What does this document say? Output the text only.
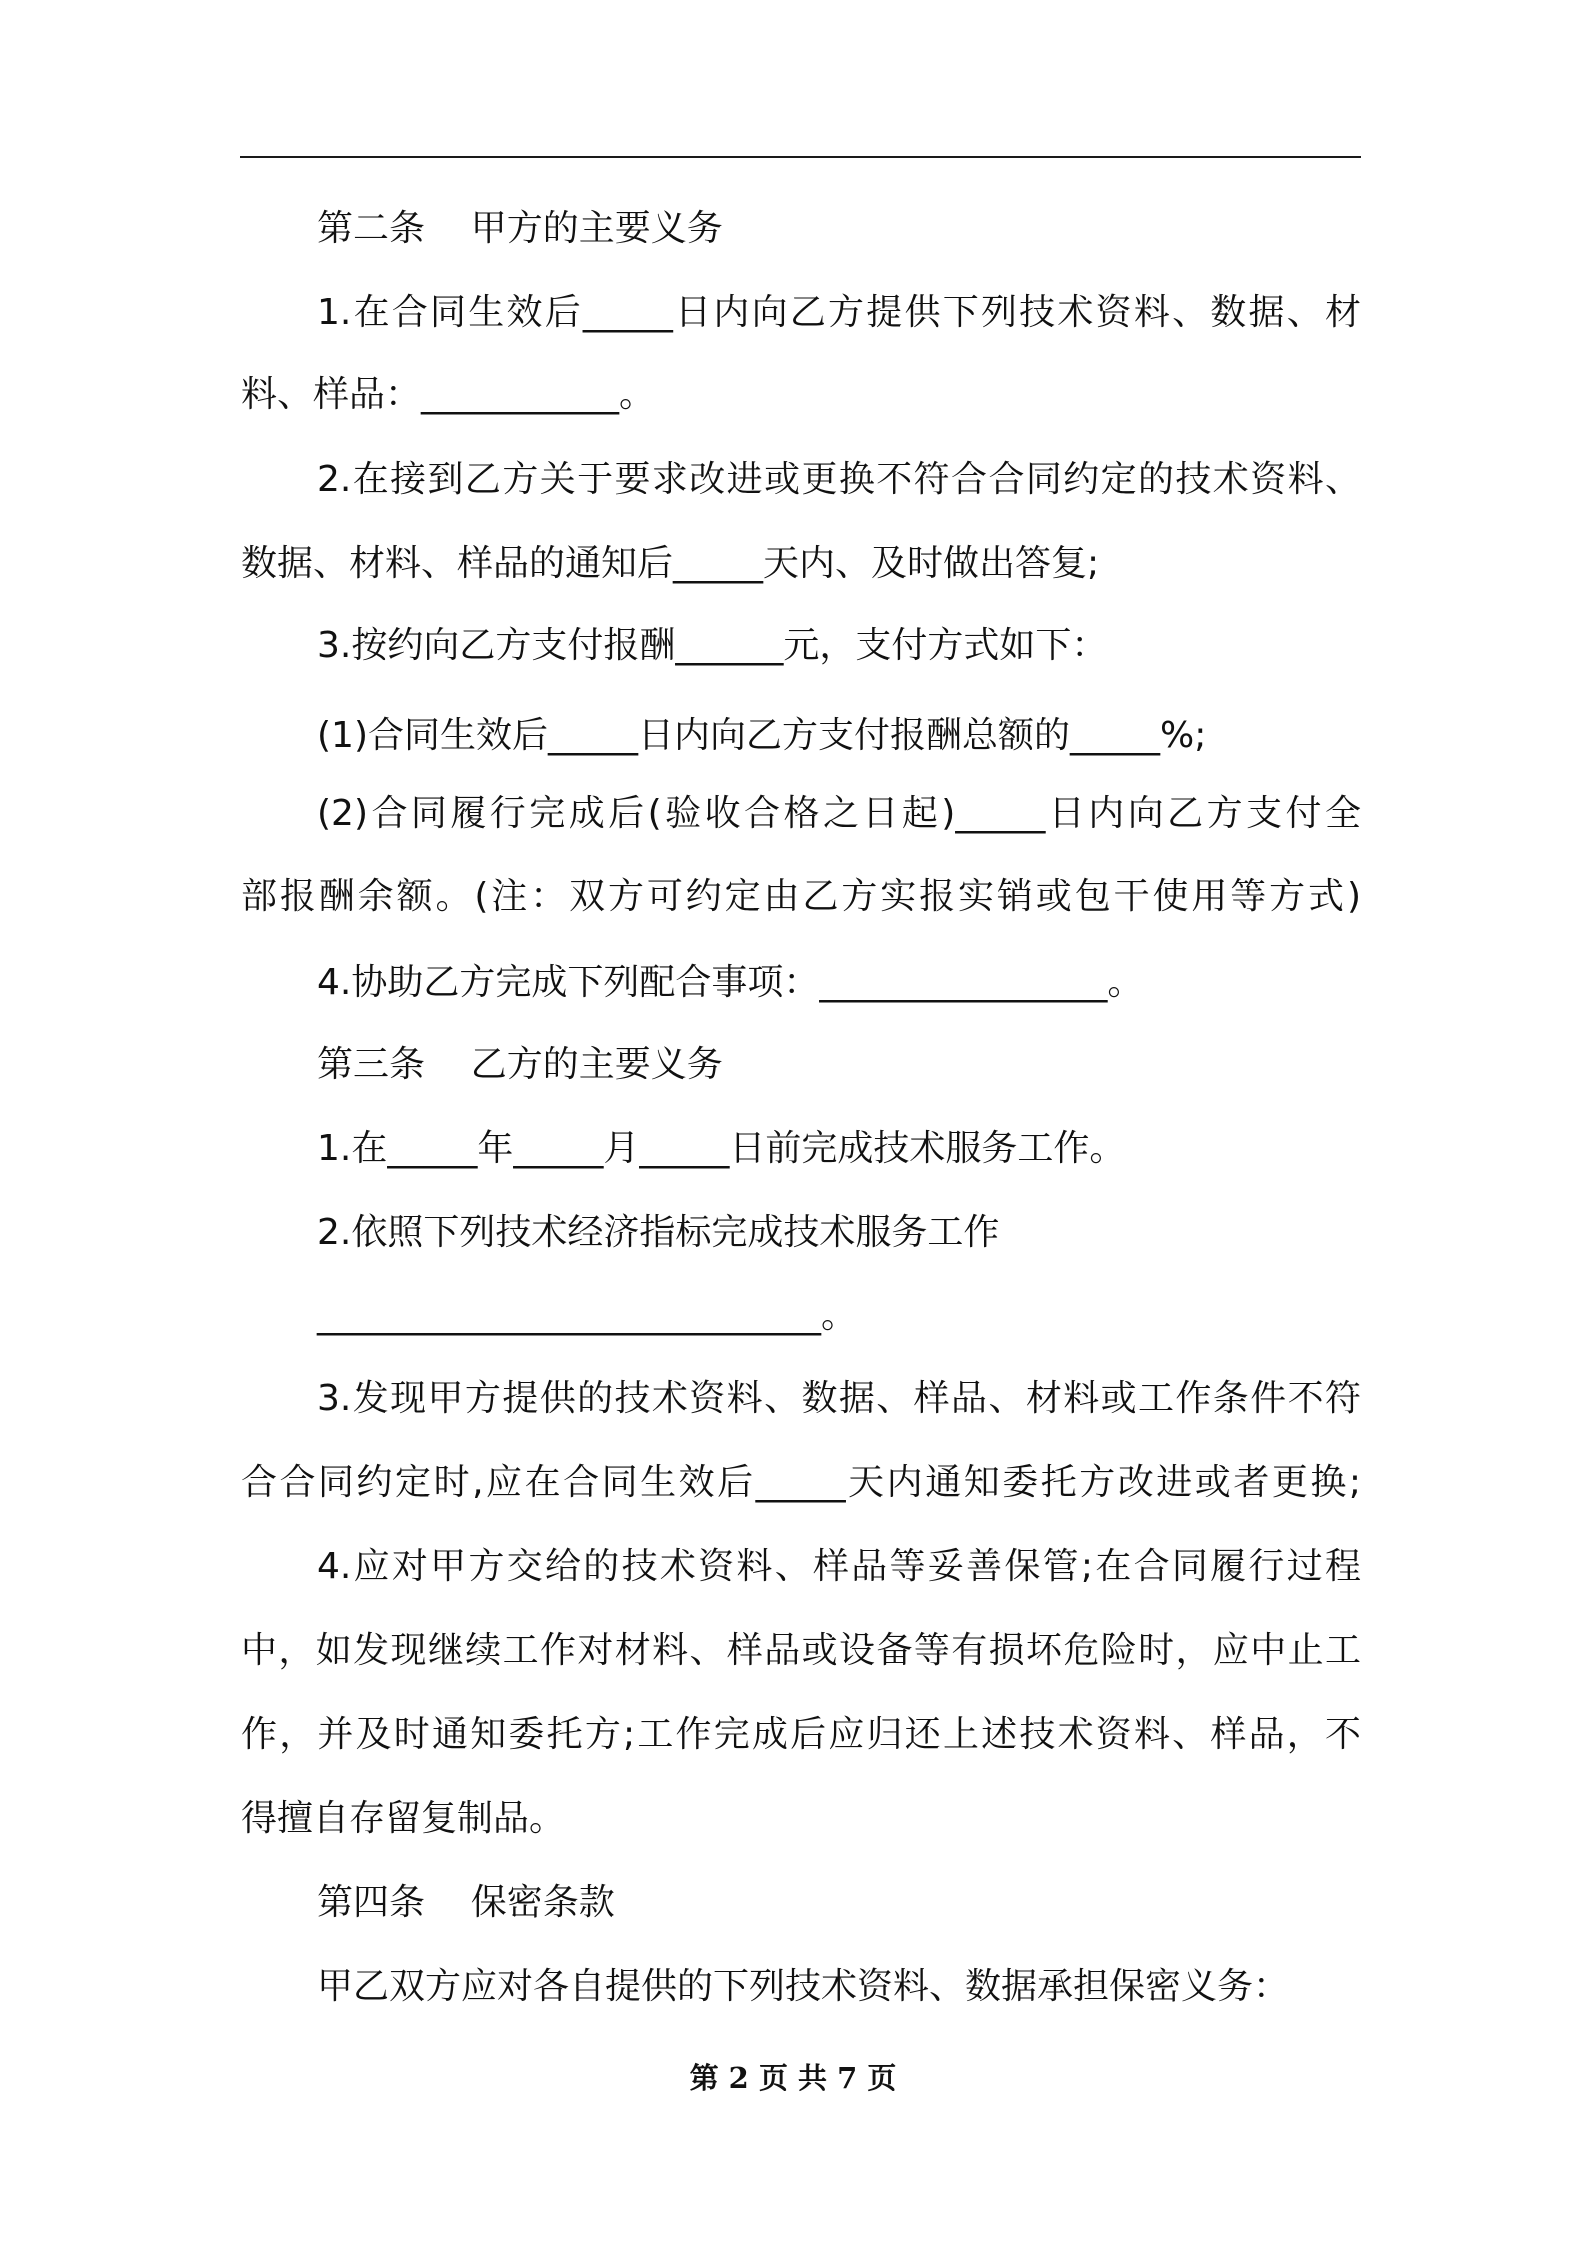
第二条    甲方的主要义务
1.在合同生效后_____日内向乙方提供下列技术资料、数据、材
料、样品：___________。
2.在接到乙方关于要求改进或更换不符合合同约定的技术资料、
数据、材料、样品的通知后_____天内、及时做出答复;
3.按约向乙方支付报酬______元，支付方式如下：
(1)合同生效后_____日内向乙方支付报酬总额的_____%;
(2)合同履行完成后(验收合格之日起)_____日内向乙方支付全
部报酬余额。(注：双方可约定由乙方实报实销或包干使用等方式)
4.协助乙方完成下列配合事项：________________。
第三条    乙方的主要义务
1.在_____年_____月_____日前完成技术服务工作。
2.依照下列技术经济指标完成技术服务工作
____________________________。
3.发现甲方提供的技术资料、数据、样品、材料或工作条件不符
合合同约定时,应在合同生效后_____天内通知委托方改进或者更换;
4.应对甲方交给的技术资料、样品等妥善保管;在合同履行过程
中，如发现继续工作对材料、样品或设备等有损坏危险时，应中止工
作，并及时通知委托方;工作完成后应归还上述技术资料、样品，不
得擅自存留复制品。
第四条    保密条款
甲乙双方应对各自提供的下列技术资料、数据承担保密义务：
第 2 页 共 7 页
